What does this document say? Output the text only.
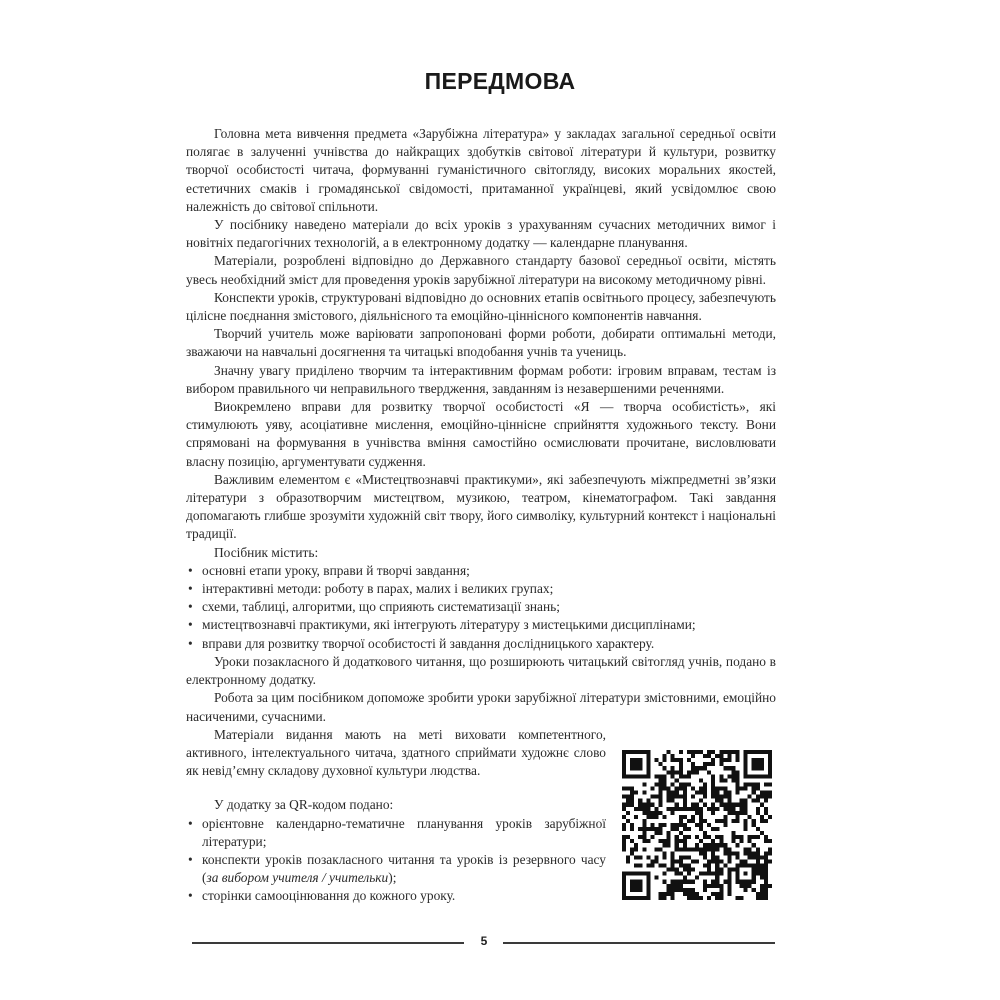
ПЕРЕДМОВА

Головна мета вивчення предмета «Зарубіжна література» у закладах загальної середньої освіти полягає в залученні учнівства до найкращих здобутків світової літератури й культури, розвитку творчої особистості читача, формуванні гуманістичного світогляду, високих моральних якостей, естетичних смаків і громадянської свідомості, притаманної українцеві, який усвідомлює свою належність до світової спільноти.

У посібнику наведено матеріали до всіх уроків з урахуванням сучасних методичних вимог і новітніх педагогічних технологій, а в електронному додатку — календарне планування.

Матеріали, розроблені відповідно до Державного стандарту базової середньої освіти, містять увесь необхідний зміст для проведення уроків зарубіжної літератури на високому методичному рівні.

Конспекти уроків, структуровані відповідно до основних етапів освітнього процесу, забезпечують цілісне поєднання змістового, діяльнісного та емоційно-ціннісного компонентів навчання.

Творчий учитель може варіювати запропоновані форми роботи, добирати оптимальні методи, зважаючи на навчальні досягнення та читацькі вподобання учнів та учениць.

Значну увагу приділено творчим та інтерактивним формам роботи: ігровим вправам, тестам із вибором правильного чи неправильного твердження, завданням із незавершеними реченнями.

Виокремлено вправи для розвитку творчої особистості «Я — творча особистість», які стимулюють уяву, асоціативне мислення, емоційно-ціннісне сприйняття художнього тексту. Вони спрямовані на формування в учнівства вміння самостійно осмислювати прочитане, висловлювати власну позицію, аргументувати судження.

Важливим елементом є «Мистецтвознавчі практикуми», які забезпечують міжпредметні зв’язки літератури з образотворчим мистецтвом, музикою, театром, кінематографом. Такі завдання допомагають глибше зрозуміти художній світ твору, його символіку, культурний контекст і національні традиції.

Посібник містить:

• основні етапи уроку, вправи й творчі завдання;
• інтерактивні методи: роботу в парах, малих і великих групах;
• схеми, таблиці, алгоритми, що сприяють систематизації знань;
• мистецтвознавчі практикуми, які інтегрують літературу з мистецькими дисциплінами;
• вправи для розвитку творчої особистості й завдання дослідницького характеру.

Уроки позакласного й додаткового читання, що розширюють читацький світогляд учнів, подано в електронному додатку.

Робота за цим посібником допоможе зробити уроки зарубіжної літератури змістовними, емоційно насиченими, сучасними.

Матеріали видання мають на меті виховати компетентного, активного, інтелектуального читача, здатного сприймати художнє слово як невід’ємну складову духовної культури людства.

У додатку за QR-кодом подано:

• орієнтовне календарно-тематичне планування уроків зарубіжної літератури;
• конспекти уроків позакласного читання та уроків із резервного часу (за вибором учителя / учительки);
• сторінки самооцінювання до кожного уроку.
5
